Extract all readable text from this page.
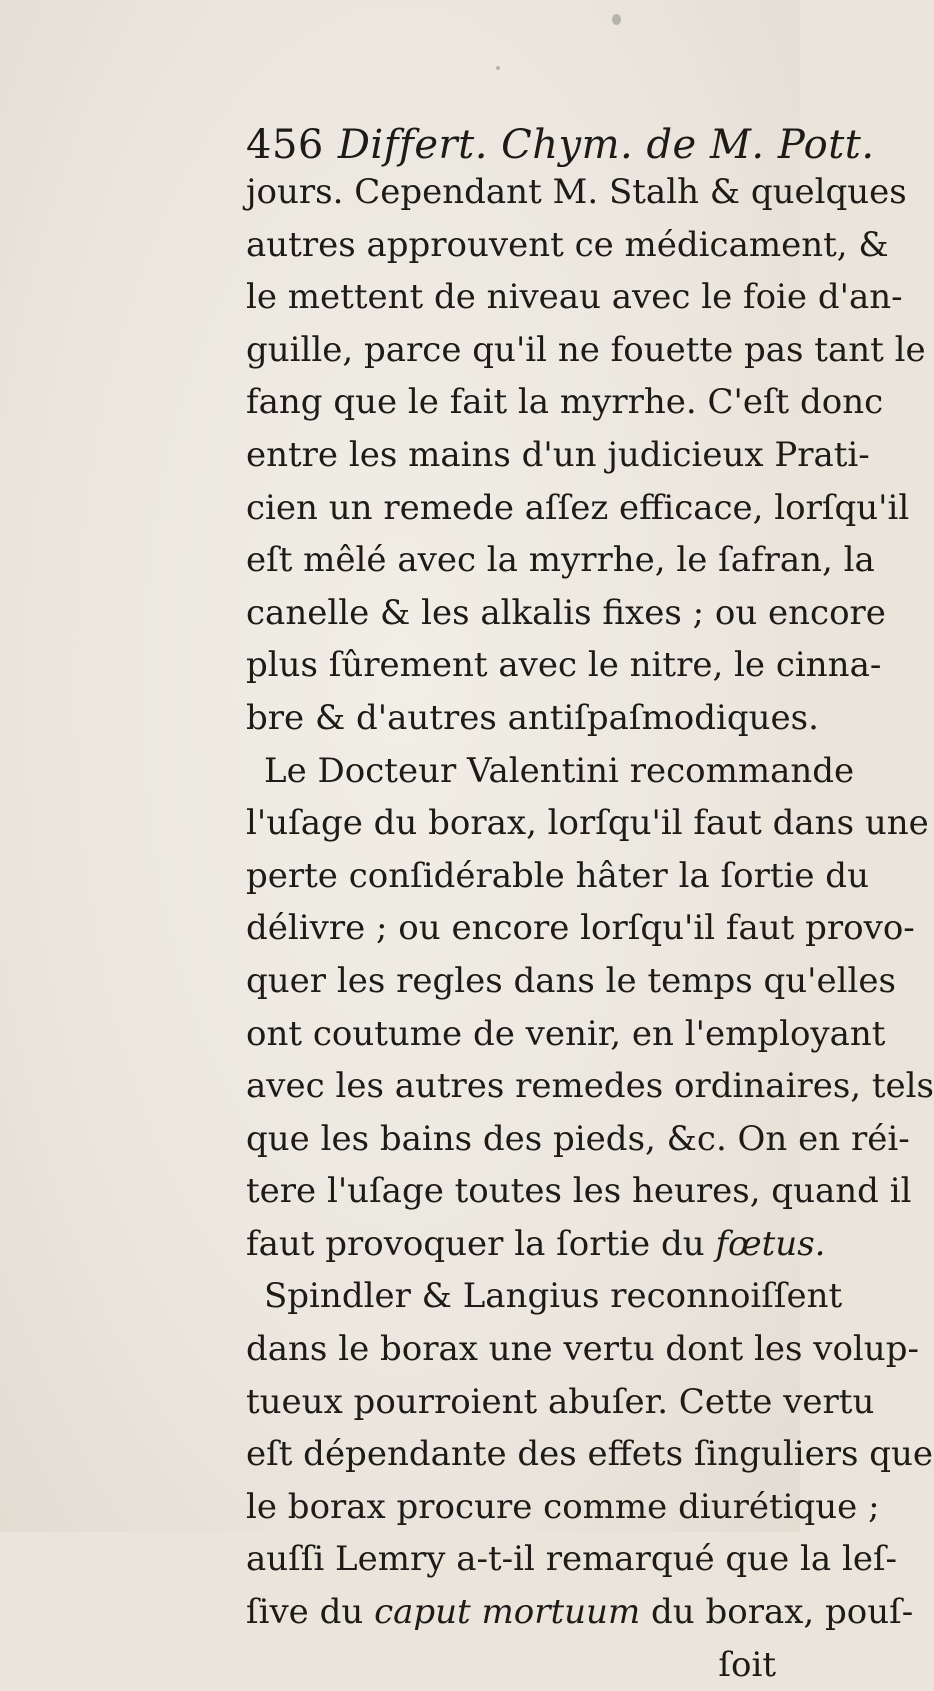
456 Differt. Chym. de M. Pott.
jours. Cependant M. Stalh & quelques
autres approuvent ce médicament, &
le mettent de niveau avec le foie d'an-
guille, parce qu'il ne fouette pas tant le
fang que le fait la myrrhe. C'eſt donc
entre les mains d'un judicieux Prati-
cien un remede aſſez efficace, lorſqu'il
eſt mêlé avec la myrrhe, le ſafran, la
canelle & les alkalis fixes ; ou encore
plus ſûrement avec le nitre, le cinna-
bre & d'autres antiſpaſmodiques.
Le Docteur Valentini recommande
l'uſage du borax, lorſqu'il faut dans une
perte conſidérable hâter la ſortie du
délivre ; ou encore lorſqu'il faut provo-
quer les regles dans le temps qu'elles
ont coutume de venir, en l'employant
avec les autres remedes ordinaires, tels
que les bains des pieds, &c. On en réi-
tere l'uſage toutes les heures, quand il
faut provoquer la ſortie du fœtus.
Spindler & Langius reconnoiſſent
dans le borax une vertu dont les volup-
tueux pourroient abuſer. Cette vertu
eſt dépendante des effets ſinguliers que
le borax procure comme diurétique ;
auſſi Lemry a-t-il remarqué que la leſ-
ſive du caput mortuum du borax, pouſ-
ſoit
